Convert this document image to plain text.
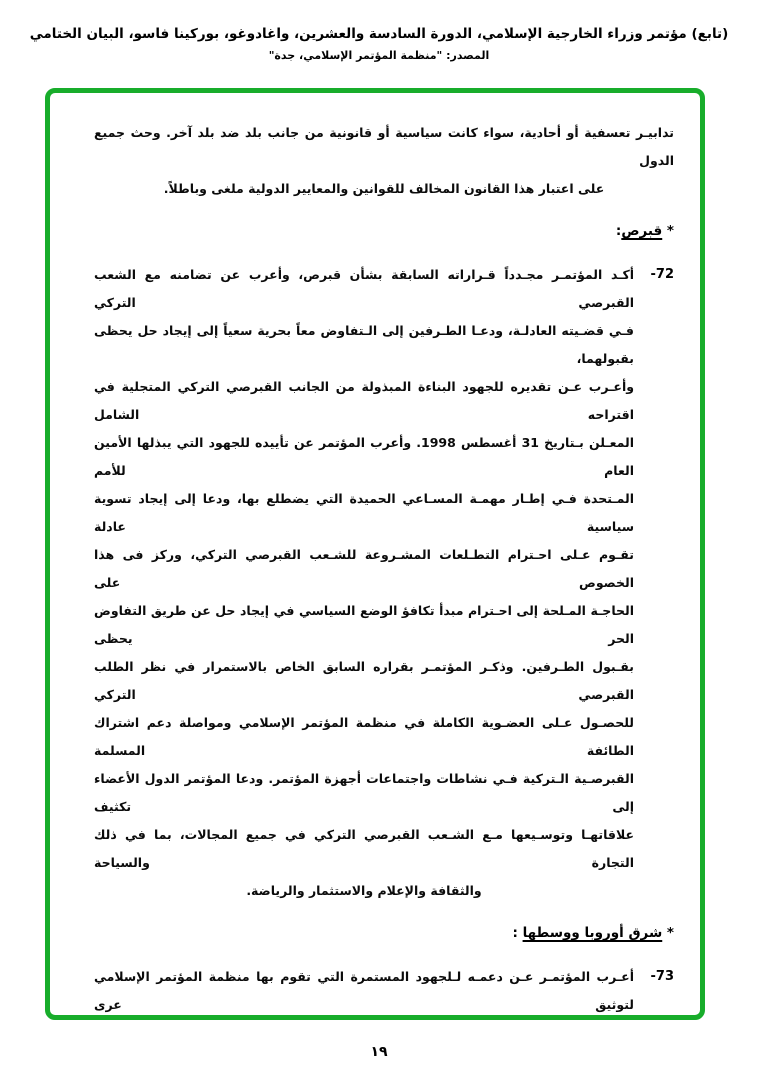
(تابع) مؤتمر وزراء الخارجية الإسلامي، الدورة السادسة والعشرين، واغادوغو، بوركينا فاسو، البيان الختامي
المصدر: "منظمة المؤتمر الإسلامي، جدة"
تدابيـر تعسفية أو أحادية، سواء كانت سياسية أو قانونية من جانب بلد ضد بلد آخر. وحث جميع الدول
على اعتبار هذا القانون المخالف للقوانين والمعايير الدولية ملغى وباطلاً.
* قبرص:
72-
أكـد المؤتمـر مجـدداً قـراراته السابقة بشأن قبرص، وأعرب عن تضامنه مع الشعب القبرصي التركي
فـي قضـيته العادلـة، ودعـا الطـرفين إلى الـتفاوض معاً بحرية سعياً إلى إيجاد حل يحظى بقبولهما،
وأعـرب عـن تقديره للجهود البناءة المبذولة من الجانب القبرصي التركي المتجلية في اقتراحه الشامل
المعـلن بـتاريخ 31 أغسطس 1998. وأعرب المؤتمر عن تأييده للجهود التي يبذلها الأمين العام للأمم
المـتحدة فـي إطـار مهمـة المسـاعي الحميدة التي يضطلع بها، ودعا إلى إيجاد تسوية سياسية عادلة
تقـوم عـلى احـترام التطـلعات المشـروعة للشـعب القبرصي التركي، وركز فى هذا الخصوص على
الحاجـة المـلحة إلى احـترام مبدأ تكافؤ الوضع السياسي في إيجاد حل عن طريق التفاوض الحر يحظى
بقـبول الطـرفين. وذكـر المؤتمـر بقراره السابق الخاص بالاستمرار في نظر الطلب القبرصي التركي
للحصـول عـلى العضـوية الكاملة في منظمة المؤتمر الإسلامي ومواصلة دعم اشتراك الطائفة المسلمة
القبرصـية الـتركية فـي نشاطات واجتماعات أجهزة المؤتمر. ودعا المؤتمر الدول الأعضاء إلى تكثيف
علاقاتهـا وتوسـيعها مـع الشـعب القبرصي التركي في جميع المجالات، بما في ذلك التجارة والسياحة
والثقافة والإعلام والاستثمار والرياضة.
* شرق أوروبا ووسطها :
73-
أعـرب المؤتمـر عـن دعمـه لـلجهود المستمرة التي تقوم بها منظمة المؤتمر الإسلامي لتوثيق عرى
١٩
